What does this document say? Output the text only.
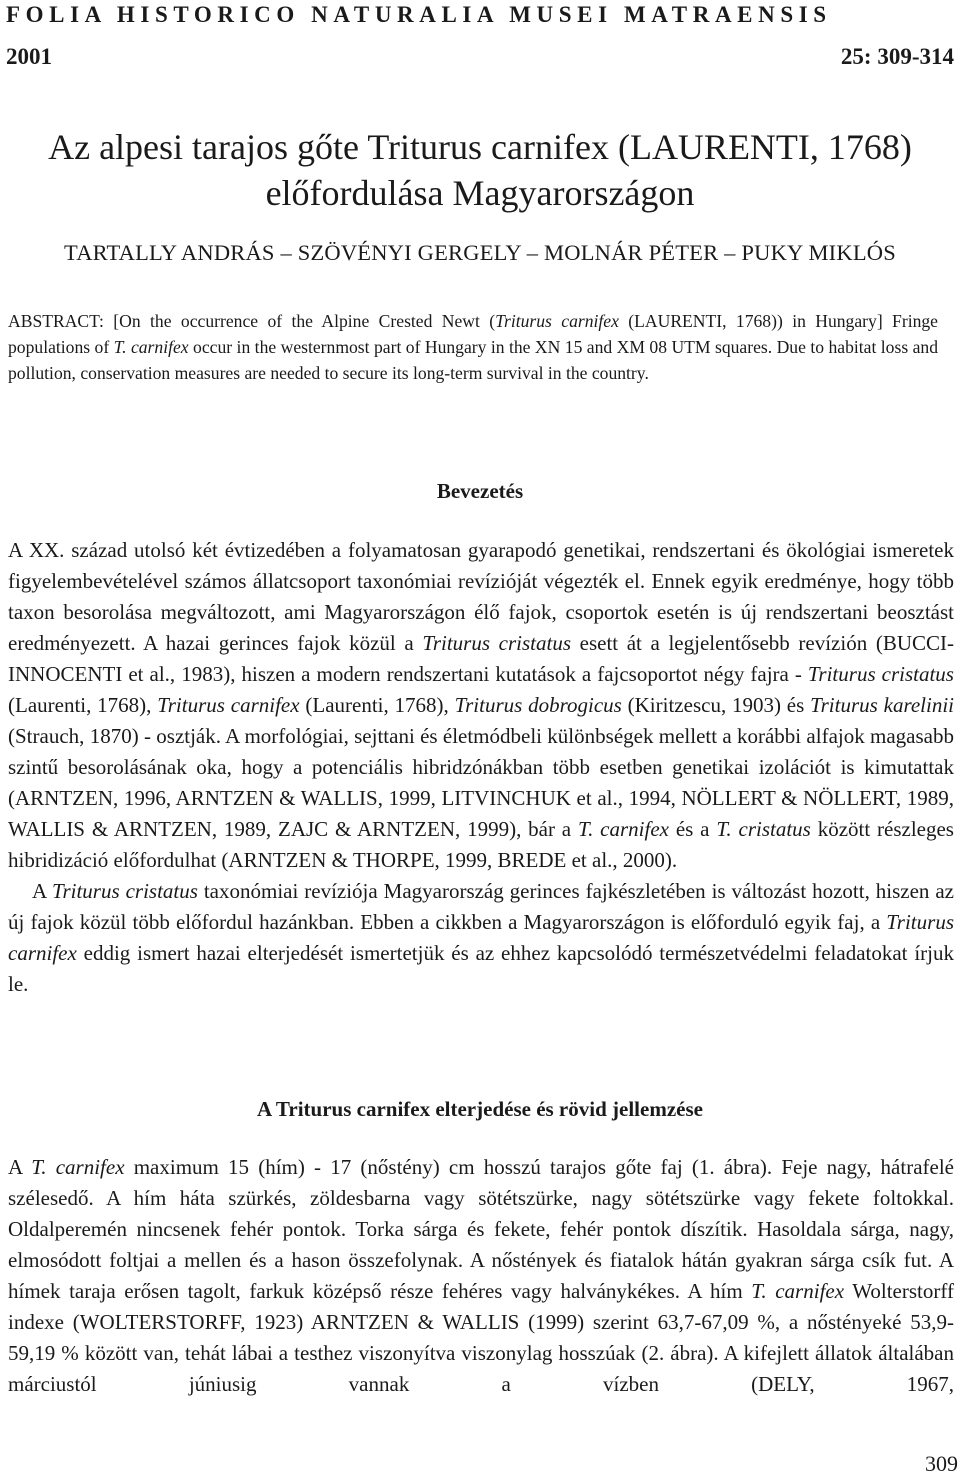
FOLIA HISTORICO NATURALIA MUSEI MATRAENSIS
2001	25: 309-314
Az alpesi tarajos gőte Triturus carnifex (LAURENTI, 1768)
előfordulása Magyarországon
TARTALLY ANDRÁS – SZÖVÉNYI GERGELY – MOLNÁR PÉTER – PUKY MIKLÓS

ABSTRACT: [On the occurrence of the Alpine Crested Newt (Triturus carnifex (LAURENTI, 1768)) in Hungary] Fringe populations of T. carnifex occur in the westernmost part of Hungary in the XN 15 and XM 08 UTM squares. Due to habitat loss and pollution, conservation measures are needed to secure its long-term survival in the country.

Bevezetés

A XX. század utolsó két évtizedében a folyamatosan gyarapodó genetikai, rendszertani és ökológiai ismeretek figyelembevételével számos állatcsoport taxonómiai revízióját végezték el. Ennek egyik eredménye, hogy több taxon besorolása megváltozott, ami Magyarországon élő fajok, csoportok esetén is új rendszertani beosztást eredményezett. A hazai gerinces fajok közül a Triturus cristatus esett át a legjelentősebb revízión (BUCCI-INNOCENTI et al., 1983), hiszen a modern rendszertani kutatások a fajcsoportot négy fajra - Triturus cristatus (Laurenti, 1768), Triturus carnifex (Laurenti, 1768), Triturus dobrogicus (Kiritzescu, 1903) és Triturus karelinii (Strauch, 1870) - osztják. A morfológiai, sejttani és életmódbeli különbségek mellett a korábbi alfajok magasabb szintű besorolásának oka, hogy a potenciális hibridzónákban több esetben genetikai izolációt is kimutattak (ARNTZEN, 1996, ARNTZEN & WALLIS, 1999, LITVINCHUK et al., 1994, NÖLLERT & NÖLLERT, 1989, WALLIS & ARNTZEN, 1989, ZAJC & ARNTZEN, 1999), bár a T. carnifex és a T. cristatus között részleges hibridizáció előfordulhat (ARNTZEN & THORPE, 1999, BREDE et al., 2000).

A Triturus cristatus taxonómiai revíziója Magyarország gerinces fajkészletében is változást hozott, hiszen az új fajok közül több előfordul hazánkban. Ebben a cikkben a Magyarországon is előforduló egyik faj, a Triturus carnifex eddig ismert hazai elterjedését ismertetjük és az ehhez kapcsolódó természetvédelmi feladatokat írjuk le.

A Triturus carnifex elterjedése és rövid jellemzése

A T. carnifex maximum 15 (hím) - 17 (nőstény) cm hosszú tarajos gőte faj (1. ábra). Feje nagy, hátrafelé szélesedő. A hím háta szürkés, zöldesbarna vagy sötétszürke, nagy sötétszürke vagy fekete foltokkal. Oldalperemén nincsenek fehér pontok. Torka sárga és fekete, fehér pontok díszítik. Hasoldala sárga, nagy, elmosódott foltjai a mellen és a hason összefolynak. A nőstények és fiatalok hátán gyakran sárga csík fut. A hímek taraja erősen tagolt, farkuk középső része fehéres vagy halványkékes. A hím T. carnifex Wolterstorff indexe (WOLTERSTORFF, 1923) ARNTZEN & WALLIS (1999) szerint 63,7-67,09 %, a nőstényeké 53,9-59,19 % között van, tehát lábai a testhez viszonyítva viszonylag hosszúak (2. ábra). A kifejlett állatok általában márciustól júniusig vannak a vízben (DELY, 1967,

309
